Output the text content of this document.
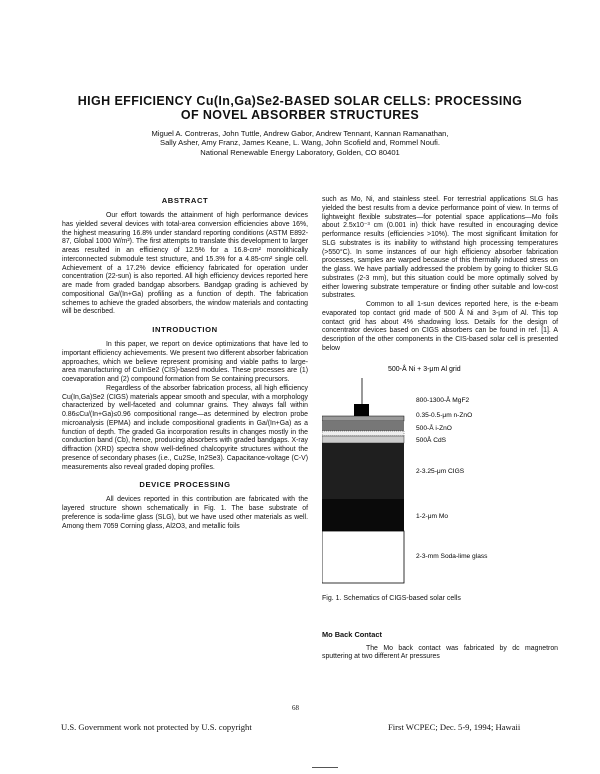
HIGH EFFICIENCY Cu(In,Ga)Se2-BASED SOLAR CELLS: PROCESSING
OF NOVEL ABSORBER STRUCTURES
Miguel A. Contreras, John Tuttle, Andrew Gabor, Andrew Tennant, Kannan Ramanathan,
Sally Asher, Amy Franz, James Keane, L. Wang, John Scofield and, Rommel Noufi.
National Renewable Energy Laboratory, Golden, CO 80401
ABSTRACT

Our effort towards the attainment of high performance devices has yielded several devices with total-area conversion efficiencies above 16%, the highest measuring 16.8% under standard reporting conditions (ASTM E892-87, Global 1000 W/m²). The first attempts to translate this development to larger areas resulted in an efficiency of 12.5% for a 16.8-cm² monolithically interconnected submodule test structure, and 15.3% for a 4.85-cm² single cell. Achievement of a 17.2% device efficiency fabricated for operation under concentration (22-sun) is also reported. All high efficiency devices reported here are made from graded bandgap absorbers. Bandgap grading is achieved by compositional Ga/(In+Ga) profiling as a function of depth. The fabrication schemes to achieve the graded absorbers, the window materials and contacting will be described.

INTRODUCTION

In this paper, we report on device optimizations that have led to important efficiency achievements. We present two different absorber fabrication approaches, which we believe represent promising and viable paths to large-area manufacturing of CuInSe2 (CIS)-based modules. These processes are (1) coevaporation and (2) compound formation from Se containing precursors.

Regardless of the absorber fabrication process, all high efficiency Cu(In,Ga)Se2 (CIGS) materials appear smooth and specular, with a morphology characterized by well-faceted and columnar grains. They always fall within 0.86≤Cu/(In+Ga)≤0.96 compositional range—as determined by electron probe microanalysis (EPMA) and include compositional gradients in Ga/(In+Ga) as a function of depth. The graded Ga incorporation results in changes mostly in the conduction band (Cb), hence, producing absorbers with graded bandgaps. X-ray diffraction (XRD) spectra show well-defined chalcopyrite structures without the presence of secondary phases (i.e., Cu2Se, In2Se3). Capacitance-voltage (C-V) measurements also reveal graded doping profiles.

DEVICE PROCESSING

All devices reported in this contribution are fabricated with the layered structure shown schematically in Fig. 1. The base substrate of preference is soda-lime glass (SLG), but we have used other materials as well. Among them 7059 Corning glass, Al2O3, and metallic foils

such as Mo, Ni, and stainless steel. For terrestrial applications SLG has yielded the best results from a device performance point of view. In terms of lightweight flexible substrates—for potential space applications—Mo foils about 2.5x10⁻³ cm (0.001 in) thick have resulted in encouraging device performance results (efficiencies >10%). The most significant limitation for SLG substrates is its inability to withstand high processing temperatures (>550°C). In some instances of our high efficiency absorber fabrication processes, samples are warped because of this thermally induced stress on the glass. We have partially addressed the problem by going to thicker SLG substrates (2-3 mm), but this situation could be more optimally solved by either lowering substrate temperature or finding other suitable and low-cost substrates.

Common to all 1-sun devices reported here, is the e-beam evaporated top contact grid made of 500 Å Ni and 3-μm of Al. This top contact grid has about 4% shadowing loss. Details for the design of concentrator devices based on CIGS absorbers can be found in ref. [1]. A description of the other components in the CIS-based solar cell is presented below

500-Å Ni + 3-μm Al grid
800-1300-Å MgF2
0.35-0.5-μm n-ZnO
500-Å i-ZnO
500Å CdS
2-3.25-μm CIGS
1-2-μm Mo
2-3-mm Soda-lime glass
Fig. 1. Schematics of CIGS-based solar cells
Mo Back Contact

The Mo back contact was fabricated by dc magnetron sputtering at two different Ar pressures

68
U.S. Government work not protected by U.S. copyright	First WCPEC; Dec. 5-9, 1994; Hawaii
